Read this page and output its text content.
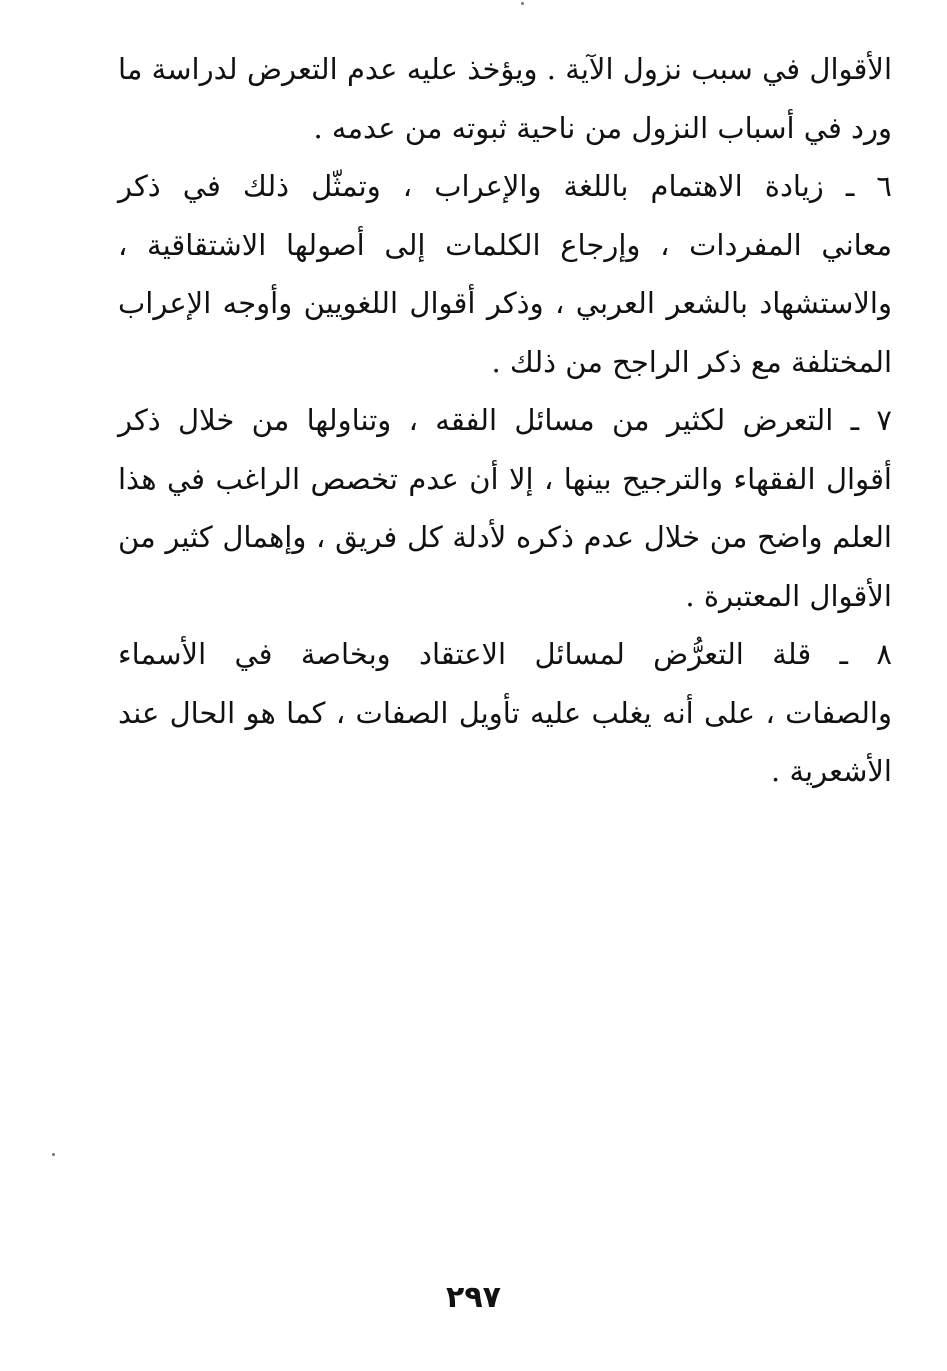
الأقوال في سبب نزول الآية . ويؤخذ عليه عدم التعرض لدراسة ما
ورد في أسباب النزول من ناحية ثبوته من عدمه .
٦ ـ زيادة الاهتمام باللغة والإعراب ، وتمثّل ذلك في ذكر
معاني المفردات ، وإرجاع الكلمات إلى أصولها الاشتقاقية ،
والاستشهاد بالشعر العربي ، وذكر أقوال اللغويين وأوجه الإعراب
المختلفة مع ذكر الراجح من ذلك .
٧ ـ التعرض لكثير من مسائل الفقه ، وتناولها من خلال ذكر
أقوال الفقهاء والترجيح بينها ، إلا أن عدم تخصص الراغب في هذا
العلم واضح من خلال عدم ذكره لأدلة كل فريق ، وإهمال كثير من
الأقوال المعتبرة .
٨ ـ قلة التعرُّض لمسائل الاعتقاد وبخاصة في الأسماء
والصفات ، على أنه يغلب عليه تأويل الصفات ، كما هو الحال عند
الأشعرية .
٢٩٧
